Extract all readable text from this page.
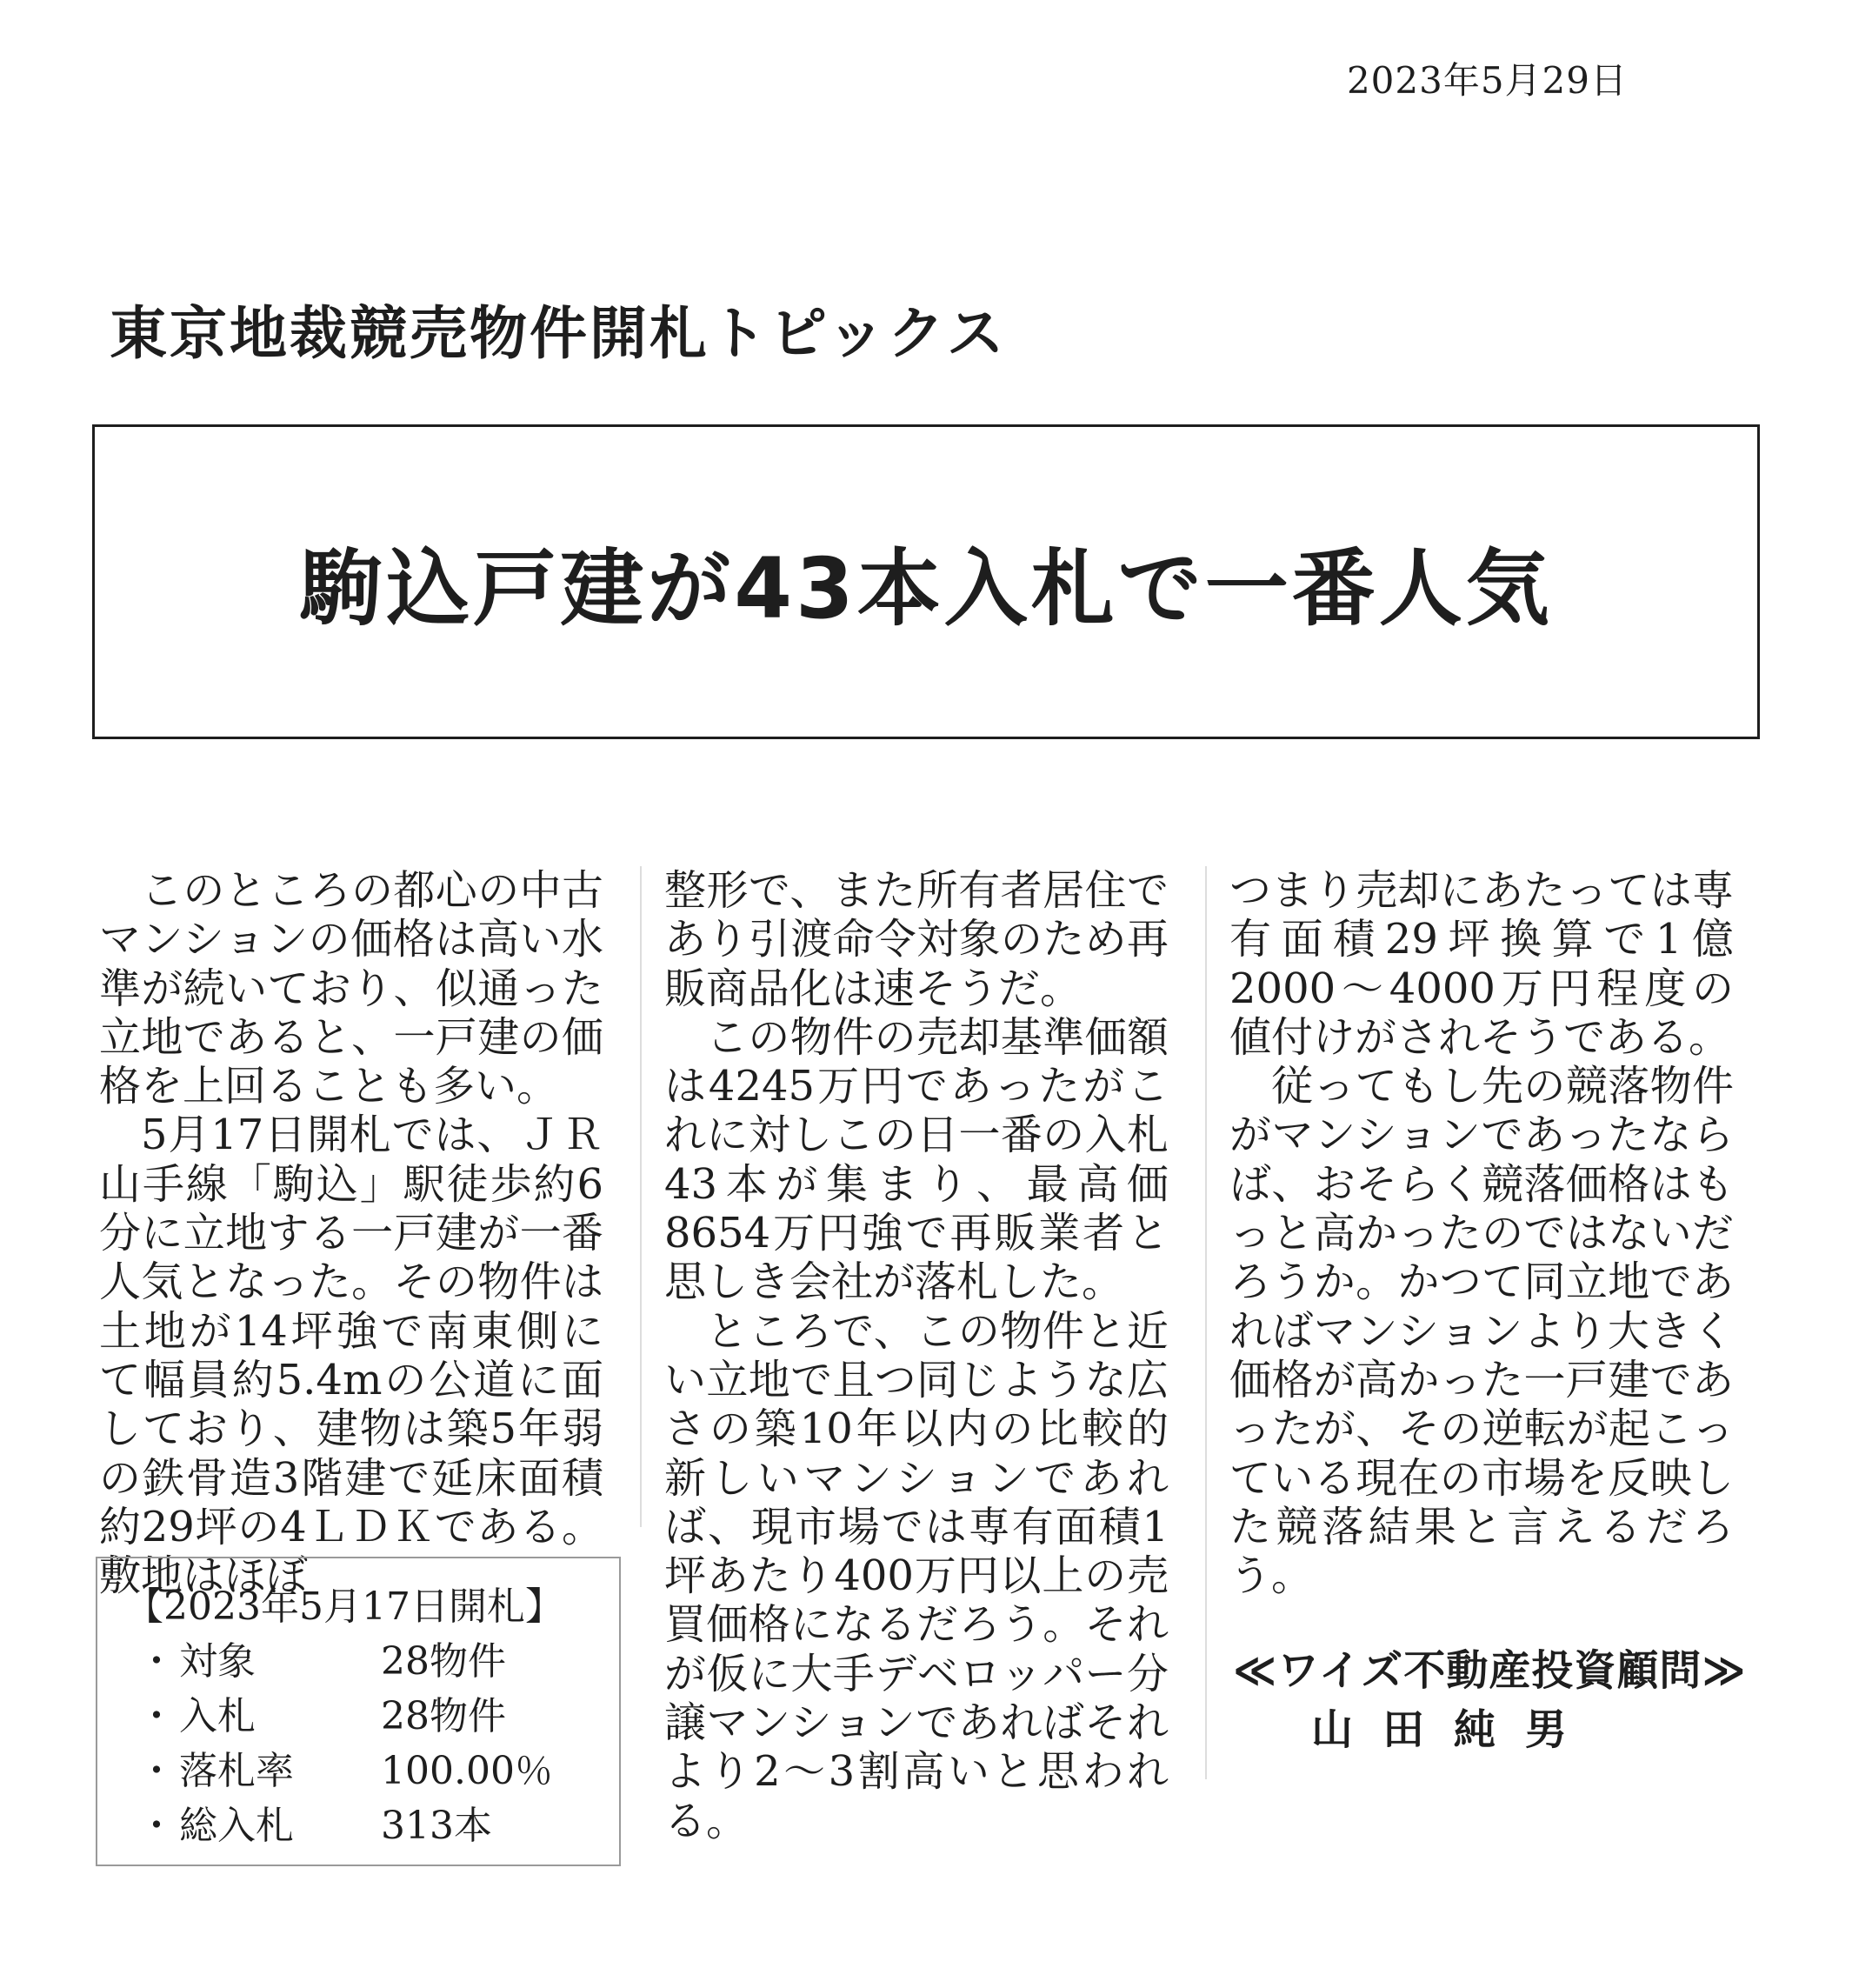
2023年5月29日
東京地裁競売物件開札トピックス
駒込戸建が43本入札で一番人気

このところの都心の中古マンションの価格は高い水準が続いており、似通った立地であると、一戸建の価格を上回ることも多い。

5月17日開札では、ＪＲ山手線「駒込」駅徒歩約6分に立地する一戸建が一番人気となった。その物件は土地が14坪強で南東側にて幅員約5.4mの公道に面しており、建物は築5年弱の鉄骨造3階建で延床面積約29坪の4ＬＤＫである。敷地はほぼ

整形で、また所有者居住であり引渡命令対象のため再販商品化は速そうだ。

この物件の売却基準価額は4245万円であったがこれに対しこの日一番の入札43本が集まり、最高価8654万円強で再販業者と思しき会社が落札した。

ところで、この物件と近い立地で且つ同じような広さの築10年以内の比較的新しいマンションであれば、現市場では専有面積1坪あたり400万円以上の売買価格になるだろう。それが仮に大手デベロッパー分譲マンションであればそれより2～3割高いと思われる。

つまり売却にあたっては専有面積29坪換算で1億2000～4000万円程度の値付けがされそうである。

従ってもし先の競落物件がマンションであったならば、おそらく競落価格はもっと高かったのではないだろうか。かつて同立地であればマンションより大きく価格が高かった一戸建であったが、その逆転が起こっている現在の市場を反映した競落結果と言えるだろう。

【2023年5月17日開札】
・ 対象	28物件
・ 入札	28物件
・ 落札率	100.00％
・ 総入札	313本
≪ワイズ不動産投資顧問≫
山田純男
